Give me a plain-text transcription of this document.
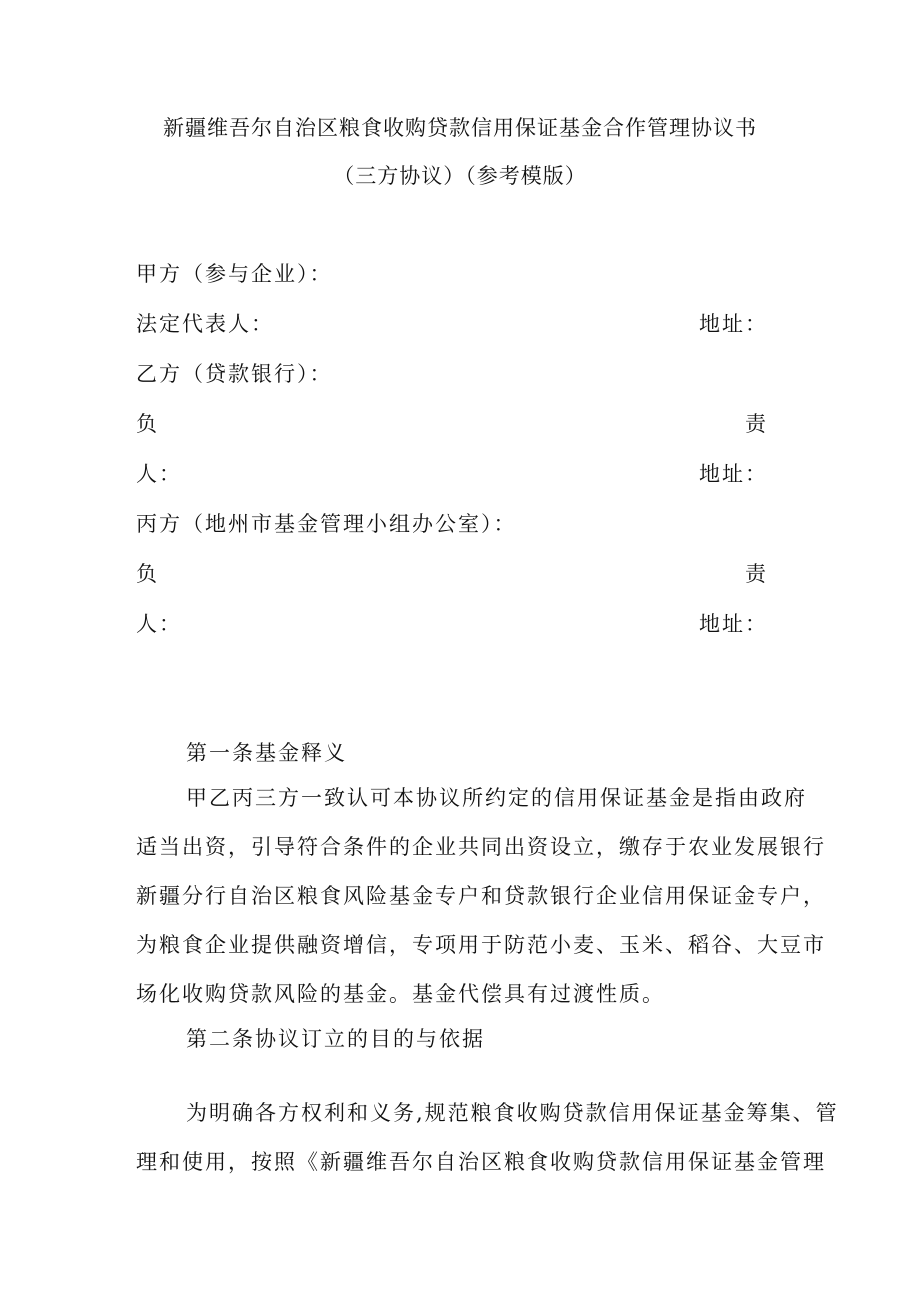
新疆维吾尔自治区粮食收购贷款信用保证基金合作管理协议书
（三方协议）（参考模版）
甲方（参与企业）：
法定代表人：	地址：
乙方（贷款银行）：
负	责
人：	地址：
丙方（地州市基金管理小组办公室）：
负	责
人：	地址：
第一条基金释义
甲乙丙三方一致认可本协议所约定的信用保证基金是指由政府
适当出资，引导符合条件的企业共同出资设立，缴存于农业发展银行
新疆分行自治区粮食风险基金专户和贷款银行企业信用保证金专户，
为粮食企业提供融资增信，专项用于防范小麦、玉米、稻谷、大豆市
场化收购贷款风险的基金。基金代偿具有过渡性质。
第二条协议订立的目的与依据
为明确各方权利和义务,规范粮食收购贷款信用保证基金筹集、管
理和使用，按照《新疆维吾尔自治区粮食收购贷款信用保证基金管理
